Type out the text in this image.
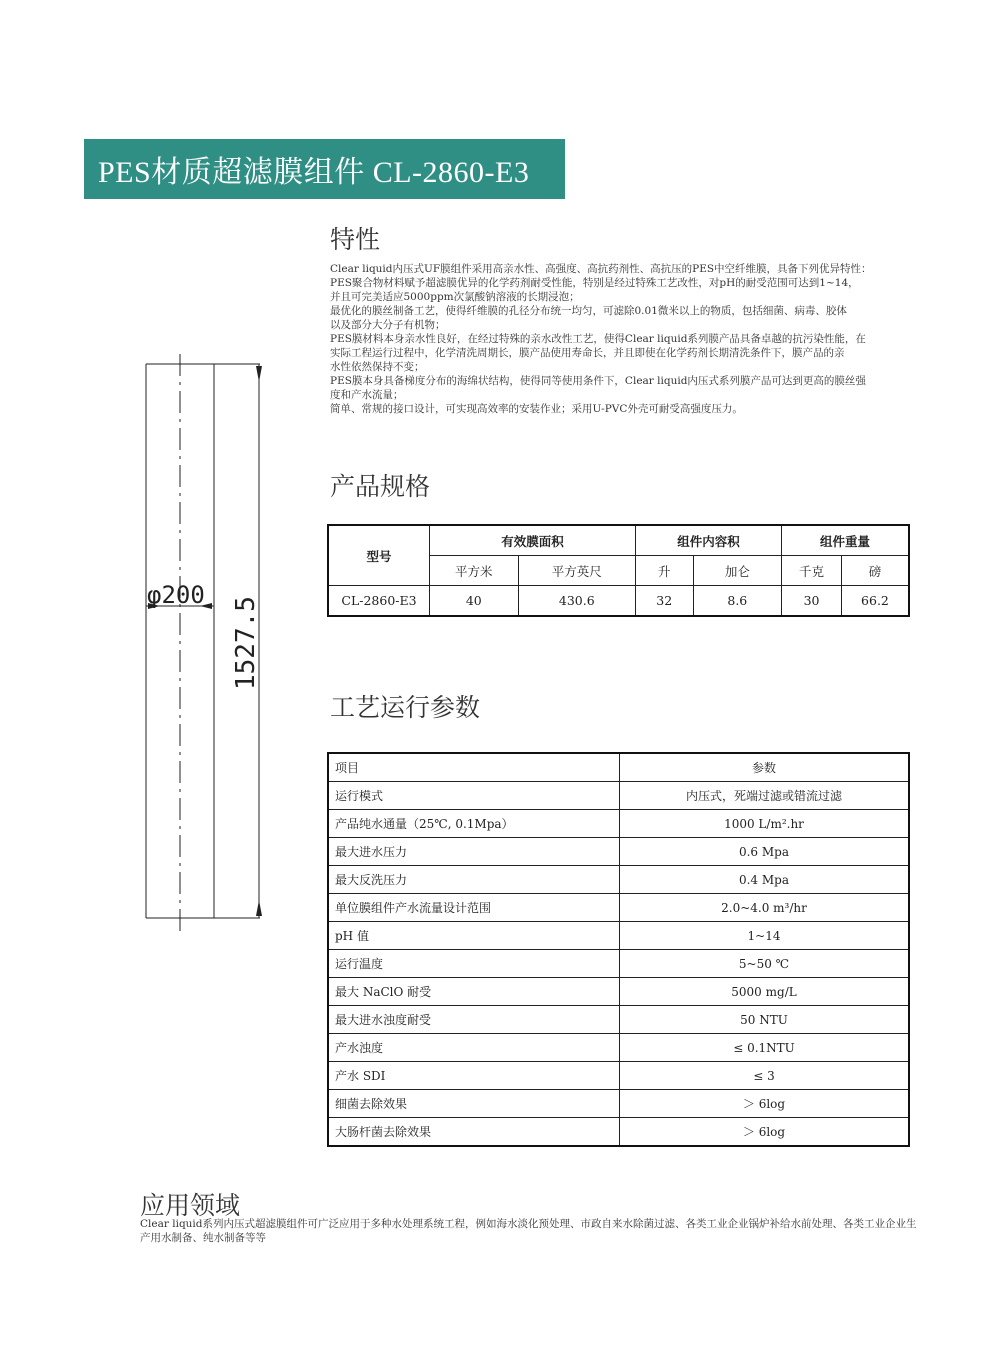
PES材质超滤膜组件 CL-2860-E3
特性
Clear liquid内压式UF膜组件采用高亲水性、高强度、高抗药剂性、高抗压的PES中空纤维膜，具备下列优异特性：
PES聚合物材料赋予超滤膜优异的化学药剂耐受性能，特别是经过特殊工艺改性，对pH的耐受范围可达到1~14，
并且可完美适应5000ppm次氯酸钠溶液的长期浸泡；
最优化的膜丝制备工艺，使得纤维膜的孔径分布统一均匀，可滤除0.01微米以上的物质，包括细菌、病毒、胶体
以及部分大分子有机物；
PES膜材料本身亲水性良好，在经过特殊的亲水改性工艺，使得Clear liquid系列膜产品具备卓越的抗污染性能，在
实际工程运行过程中，化学清洗周期长，膜产品使用寿命长，并且即使在化学药剂长期清洗条件下，膜产品的亲
水性依然保持不变；
PES膜本身具备梯度分布的海绵状结构，使得同等使用条件下，Clear liquid内压式系列膜产品可达到更高的膜丝强
度和产水流量；
简单、常规的接口设计，可实现高效率的安装作业；采用U-PVC外壳可耐受高强度压力。
φ200
1527.5
产品规格
型号	有效膜面积		组件内容积		组件重量	
	平方米	平方英尺	升	加仑	千克	磅
CL-2860-E3	40	430.6	32	8.6	30	66.2
工艺运行参数
项目	参数
运行模式	内压式，死端过滤或错流过滤
产品纯水通量（25℃, 0.1Mpa）	1000 L/m².hr
最大进水压力	0.6 Mpa
最大反洗压力	0.4 Mpa
单位膜组件产水流量设计范围	2.0~4.0 m³/hr
pH 值	1~14
运行温度	5~50 ℃
最大 NaClO 耐受	5000 mg/L
最大进水浊度耐受	50 NTU
产水浊度	≤ 0.1NTU
产水 SDI	≤ 3
细菌去除效果	＞ 6log
大肠杆菌去除效果	＞ 6log
应用领域
Clear liquid系列内压式超滤膜组件可广泛应用于多种水处理系统工程，例如海水淡化预处理、市政自来水除菌过滤、各类工业企业锅炉补给水前处理、各类工业企业生产用水制备、纯水制备等等
